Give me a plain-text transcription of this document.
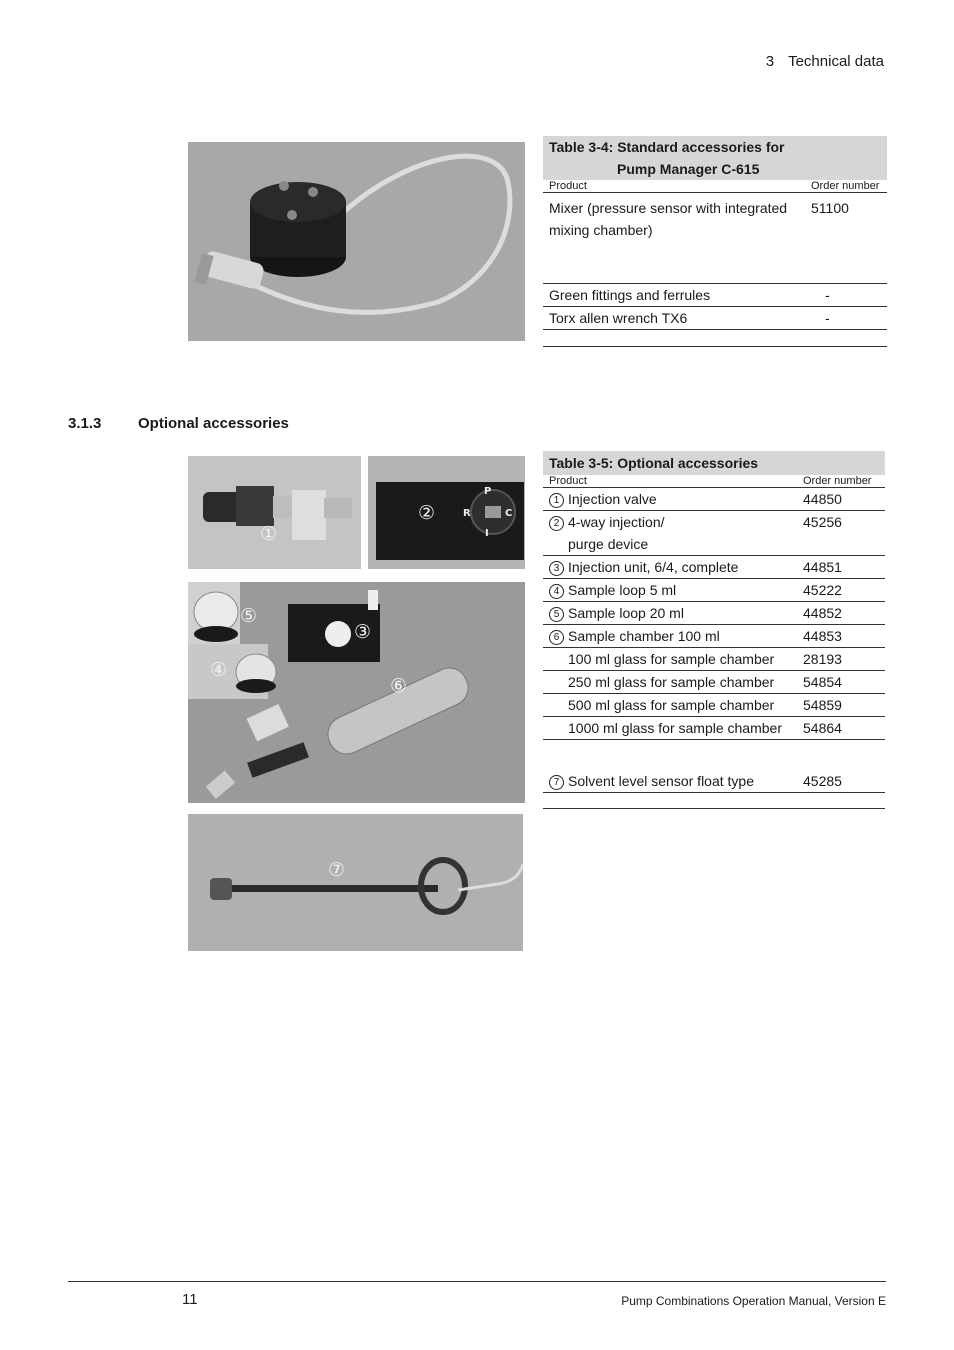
3 Technical data
Table 3-4: Standard accessories for
Pump Manager C-615	

Product	Order number
Mixer (pressure sensor with integrated mixing chamber)	51100
Green fittings and ferrules	-
Torx allen wrench TX6	-
3.1.3 Optional accessories
①
P
R	C
I
②
⑤
③
④
⑥
⑦
Table 3-5: Optional accessories	
Product	Order number
1 Injection valve	44850
2 4-way injection/
purge device	45256
3 Injection unit, 6/4, complete	44851
4 Sample loop 5 ml	45222
5 Sample loop 20 ml	44852
6 Sample chamber 100 ml	44853
100 ml glass for sample chamber	28193
250 ml glass for sample chamber	54854
500 ml glass for sample chamber	54859
1000 ml glass for sample chamber	54864
7 Solvent level sensor float type	45285
11	Pump Combinations Operation Manual, Version E
